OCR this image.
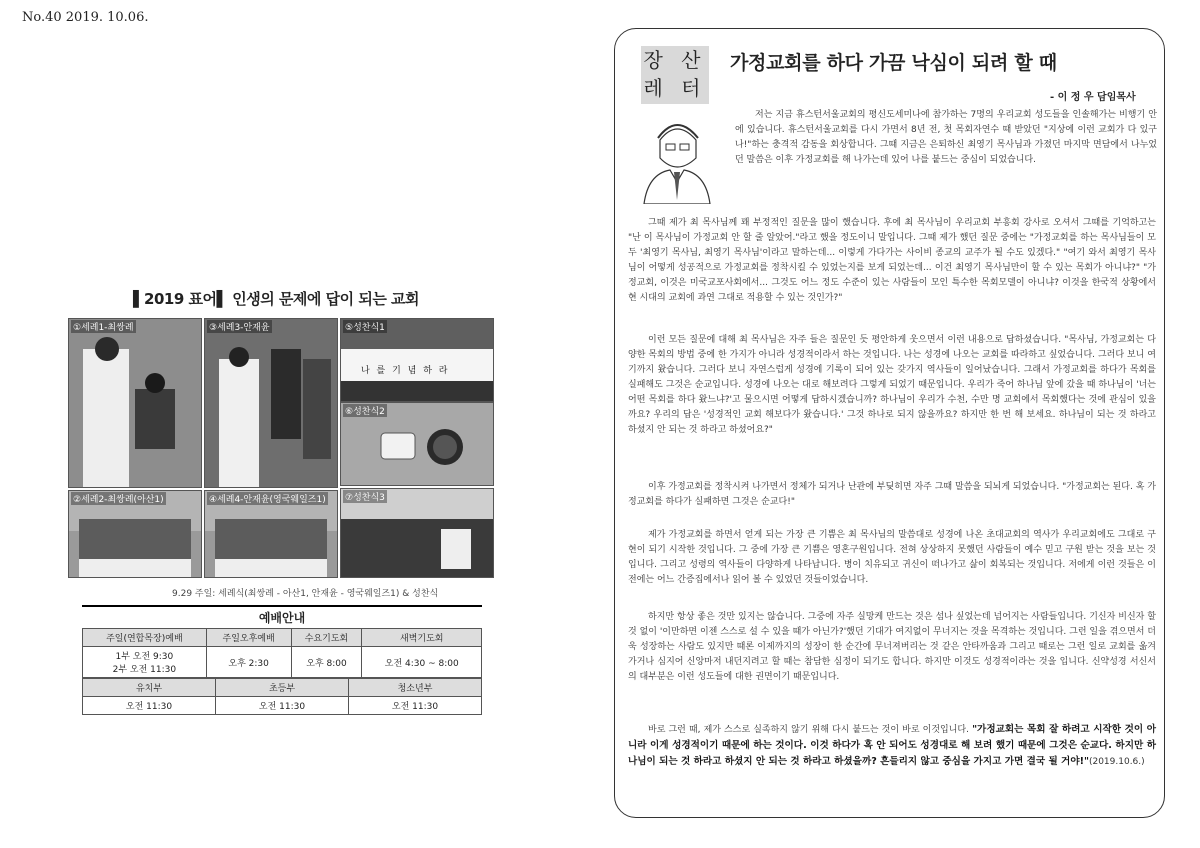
No.40 2019. 10.06.
▌2019 표어▌ 인생의 문제에 답이 되는 교회
①세례1-최쌍례	③세례3-안재윤
나 를 기 념 하 라
⑤성찬식1
⑥성찬식2
②세례2-최쌍례(아산1)	④세례4-안재윤(영국웨일즈1) ⑦성찬식3
9.29 주일: 세례식(최쌍례 - 아산1, 안재윤 - 영국웨일즈1) & 성찬식
예배안내
주일(연합목장)예배	주일오후예배	수요기도회	새벽기도회
1부 오전 9:30
2부 오전 11:30	오후 2:30	오후 8:00	오전 4:30 ~ 8:00
유치부	초등부	청소년부
오전 11:30	오전 11:30	오전 11:30
장 산
레 터
가정교회를 하다 가끔 낙심이 되려 할 때
- 이 정 우 담임목사

저는 지금 휴스턴서울교회의 평신도세미나에 참가하는 7명의 우리교회 성도들을 인솔해가는 비행기 안에 있습니다. 휴스턴서울교회를 다시 가면서 8년 전, 첫 목회자연수 때 받았던 "지상에 이런 교회가 다 있구나!"하는 충격적 감동을 회상합니다. 그때 지금은 은퇴하신 최영기 목사님과 가졌던 마지막 면담에서 나누었던 말씀은 이후 가정교회를 해 나가는데 있어 나를 붙드는 중심이 되었습니다.

그때 제가 최 목사님께 꽤 부정적인 질문을 많이 했습니다. 후에 최 목사님이 우리교회 부흥회 강사로 오셔서 그때를 기억하고는 "난 이 목사님이 가정교회 안 할 줄 알았어."라고 했을 정도이니 말입니다. 그때 제가 했던 질문 중에는 "가정교회를 하는 목사님들이 모두 '최영기 목사님, 최영기 목사님'이라고 말하는데... 이렇게 가다가는 사이비 종교의 교주가 될 수도 있겠다." "여기 와서 최영기 목사님이 어떻게 성공적으로 가정교회를 정착시킬 수 있었는지를 보게 되었는데... 이건 최영기 목사님만이 할 수 있는 목회가 아니냐?" "가정교회, 이것은 미국교포사회에서... 그것도 어느 정도 수준이 있는 사람들이 모인 특수한 목회모델이 아니냐? 이것을 한국적 상황에서 현 시대의 교회에 과연 그대로 적용할 수 있는 것인가?"

이런 모든 질문에 대해 최 목사님은 자주 들은 질문인 듯 평안하게 웃으면서 이런 내용으로 답하셨습니다. "목사님, 가정교회는 다양한 목회의 방법 중에 한 가지가 아니라 성경적이라서 하는 것입니다. 나는 성경에 나오는 교회를 따라하고 싶었습니다. 그러다 보니 여기까지 왔습니다. 그러다 보니 자연스럽게 성경에 기록이 되어 있는 갖가지 역사들이 일어났습니다. 그래서 가정교회를 하다가 목회를 실패해도 그것은 순교입니다. 성경에 나오는 대로 해보려다 그렇게 되었기 때문입니다. 우리가 죽어 하나님 앞에 갔을 때 하나님이 '너는 어떤 목회를 하다 왔느냐?'고 물으시면 어떻게 답하시겠습니까? 하나님이 우리가 수천, 수만 명 교회에서 목회했다는 것에 관심이 있을까요? 우리의 답은 '성경적인 교회 해보다가 왔습니다.' 그것 하나로 되지 않을까요? 하지만 한 번 해 보세요. 하나님이 되는 것 하라고 하셨지 안 되는 것 하라고 하셨어요?"

이후 가정교회를 정착시켜 나가면서 정체가 되거나 난관에 부딪히면 자주 그때 말씀을 되뇌게 되었습니다. "가정교회는 된다. 혹 가정교회를 하다가 실패하면 그것은 순교다!"

제가 가정교회를 하면서 얻게 되는 가장 큰 기쁨은 최 목사님의 말씀대로 성경에 나온 초대교회의 역사가 우리교회에도 그대로 구현이 되기 시작한 것입니다. 그 중에 가장 큰 기쁨은 영혼구원입니다. 전혀 상상하지 못했던 사람들이 예수 믿고 구원 받는 것을 보는 것입니다. 그리고 성령의 역사들이 다양하게 나타납니다. 병이 치유되고 귀신이 떠나가고 삶이 회복되는 것입니다. 저에게 이런 것들은 이전에는 어느 간증집에서나 읽어 볼 수 있었던 것들이었습니다.

하지만 항상 좋은 것만 있지는 않습니다. 그중에 자주 실망케 만드는 것은 섬나 싶었는데 넘어지는 사람들입니다. 기신자 비신자 할 것 없이 '이만하면 이젠 스스로 설 수 있을 때가 아닌가?'했던 기대가 여지없이 무너지는 것을 목격하는 것입니다. 그런 일을 겪으면서 더욱 성장하는 사람도 있지만 때론 이제까지의 성장이 한 순간에 무너져버리는 것 같은 안타까움과 그리고 때로는 그런 일로 교회를 옮겨가거나 심지어 신앙마저 내던지려고 할 때는 참담한 심정이 되기도 합니다. 하지만 이것도 성경적이라는 것을 입니다. 신약성경 서신서의 대부분은 이런 성도들에 대한 권면이기 때문입니다.

바로 그런 때, 제가 스스로 실족하지 않기 위해 다시 붙드는 것이 바로 이것입니다. "가정교회는 목회 잘 하려고 시작한 것이 아니라 이게 성경적이기 때문에 하는 것이다. 이것 하다가 혹 안 되어도 성경대로 해 보려 했기 때문에 그것은 순교다. 하지만 하나님이 되는 것 하라고 하셨지 안 되는 것 하라고 하셨을까? 흔들리지 않고 중심을 가지고 가면 결국 될 거야!"(2019.10.6.)
